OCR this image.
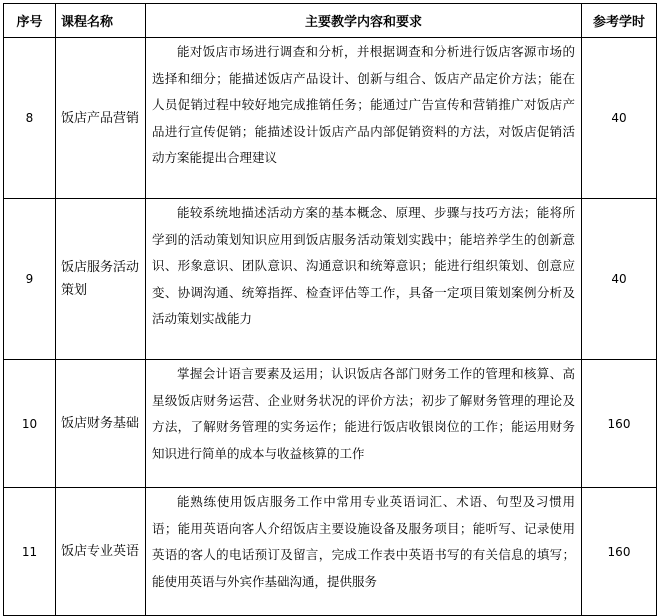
序号	课程名称	主要教学内容和要求	参考学时
8	饭店产品营销	能对饭店市场进行调查和分析，并根据调查和分析进行饭店客源市场的选择和细分；能描述饭店产品设计、创新与组合、饭店产品定价方法；能在人员促销过程中较好地完成推销任务；能通过广告宣传和营销推广对饭店产品进行宣传促销；能描述设计饭店产品内部促销资料的方法，对饭店促销活动方案能提出合理建议	40
9	饭店服务活动策划	能较系统地描述活动方案的基本概念、原理、步骤与技巧方法；能将所学到的活动策划知识应用到饭店服务活动策划实践中；能培养学生的创新意识、形象意识、团队意识、沟通意识和统筹意识；能进行组织策划、创意应变、协调沟通、统筹指挥、检查评估等工作，具备一定项目策划案例分析及活动策划实战能力	40
10	饭店财务基础	掌握会计语言要素及运用；认识饭店各部门财务工作的管理和核算、高星级饭店财务运营、企业财务状况的评价方法；初步了解财务管理的理论及方法，了解财务管理的实务运作；能进行饭店收银岗位的工作；能运用财务知识进行简单的成本与收益核算的工作	160
11	饭店专业英语	能熟练使用饭店服务工作中常用专业英语词汇、术语、句型及习惯用语；能用英语向客人介绍饭店主要设施设备及服务项目；能听写、记录使用英语的客人的电话预订及留言，完成工作表中英语书写的有关信息的填写；能使用英语与外宾作基础沟通，提供服务	160
